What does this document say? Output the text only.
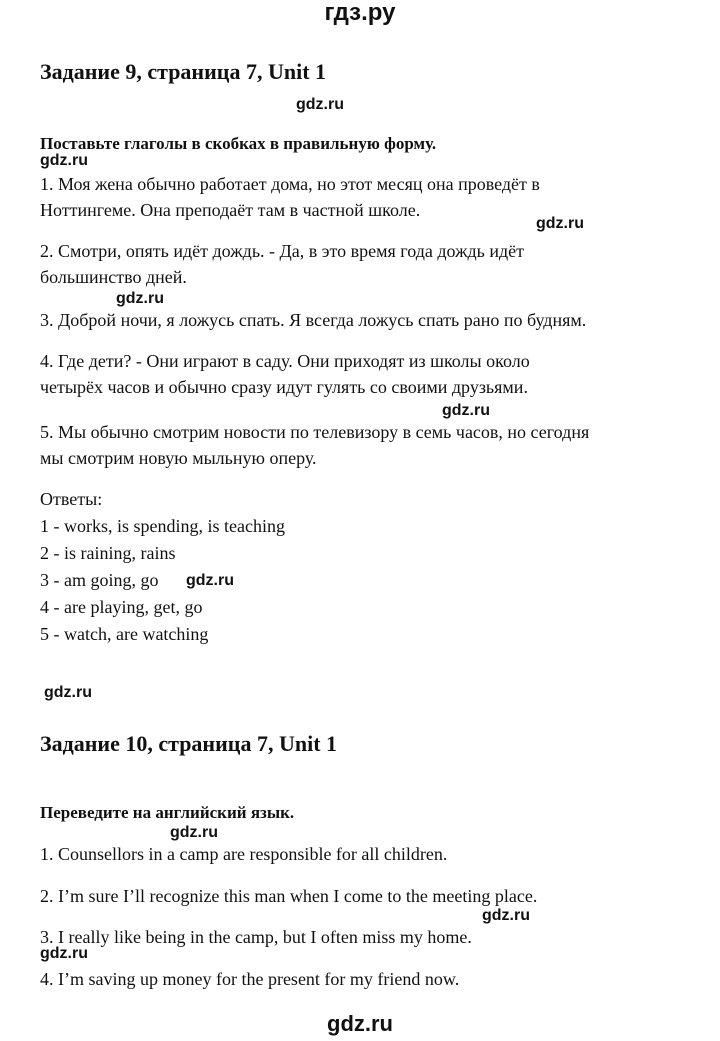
гдз.ру
Задание 9, страница 7, Unit 1
Поставьте глаголы в скобках в правильную форму.
1. Моя жена обычно работает дома, но этот месяц она проведёт в
Ноттингеме. Она преподаёт там в частной школе.
2. Смотри, опять идёт дождь. - Да, в это время года дождь идёт
большинство дней.
3. Доброй ночи, я ложусь спать. Я всегда ложусь спать рано по будням.
4. Где дети? - Они играют в саду. Они приходят из школы около
четырёх часов и обычно сразу идут гулять со своими друзьями.
5. Мы обычно смотрим новости по телевизору в семь часов, но сегодня
мы смотрим новую мыльную оперу.
Ответы:
1 - works, is spending, is teaching
2 - is raining, rains
3 - am going, go
4 - are playing, get, go
5 - watch, are watching
Задание 10, страница 7, Unit 1
Переведите на английский язык.
1. Counsellors in a camp are responsible for all children.
2. I’m sure I’ll recognize this man when I come to the meeting place.
3. I really like being in the camp, but I often miss my home.
4. I’m saving up money for the present for my friend now.
gdz.ru
gdz.ru
gdz.ru
gdz.ru
gdz.ru
gdz.ru
gdz.ru
gdz.ru
gdz.ru
gdz.ru
gdz.ru
